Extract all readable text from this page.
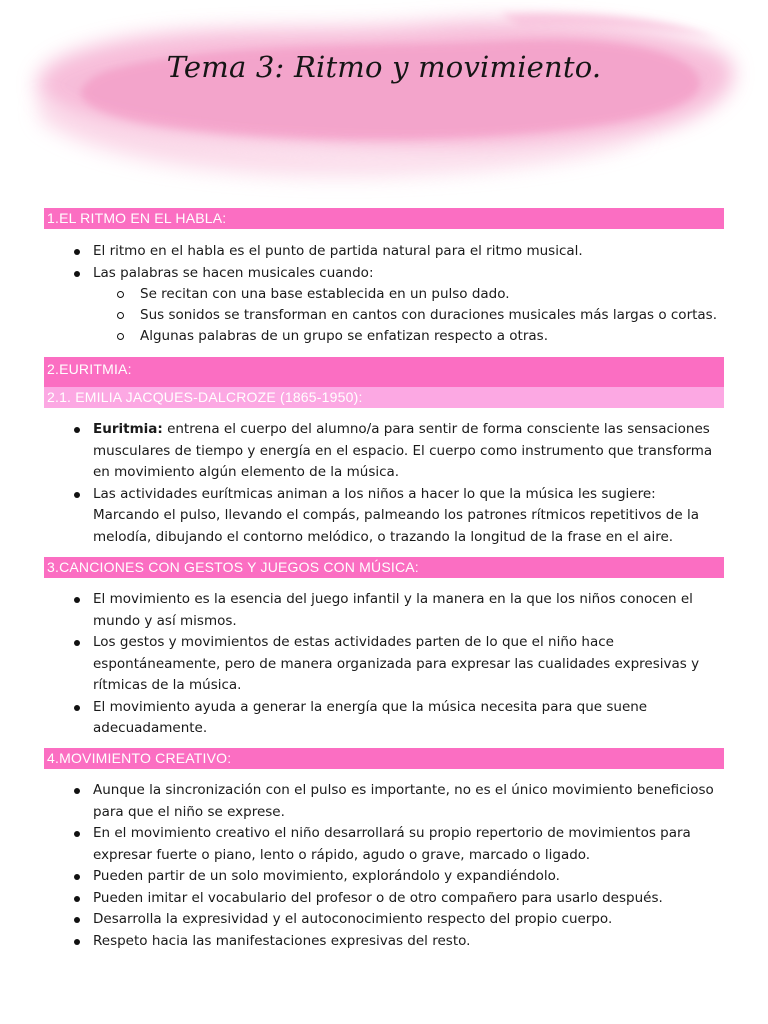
Tema 3: Ritmo y movimiento.
1.EL RITMO EN EL HABLA:
El ritmo en el habla es el punto de partida natural para el ritmo musical.
Las palabras se hacen musicales cuando:
Se recitan con una base establecida en un pulso dado.
Sus sonidos se transforman en cantos con duraciones musicales más largas o cortas.
Algunas palabras de un grupo se enfatizan respecto a otras.
2.EURITMIA:
2.1. EMILIA JACQUES-DALCROZE (1865-1950):
Euritmia: entrena el cuerpo del alumno/a para sentir de forma consciente las sensaciones musculares de tiempo y energía en el espacio. El cuerpo como instrumento que transforma en movimiento algún elemento de la música.
Las actividades eurítmicas animan a los niños a hacer lo que la música les sugiere: Marcando el pulso, llevando el compás, palmeando los patrones rítmicos repetitivos de la melodía, dibujando el contorno melódico, o trazando la longitud de la frase en el aire.
3.CANCIONES CON GESTOS Y JUEGOS CON MÚSICA:
El movimiento es la esencia del juego infantil y la manera en la que los niños conocen el mundo y así mismos.
Los gestos y movimientos de estas actividades parten de lo que el niño hace espontáneamente, pero de manera organizada para expresar las cualidades expresivas y rítmicas de la música.
El movimiento ayuda a generar la energía que la música necesita para que suene adecuadamente.
4.MOVIMIENTO CREATIVO:
Aunque la sincronización con el pulso es importante, no es el único movimiento beneficioso para que el niño se exprese.
En el movimiento creativo el niño desarrollará su propio repertorio de movimientos para expresar fuerte o piano, lento o rápido, agudo o grave, marcado o ligado.
Pueden partir de un solo movimiento, explorándolo y expandiéndolo.
Pueden imitar el vocabulario del profesor o de otro compañero para usarlo después.
Desarrolla la expresividad y el autoconocimiento respecto del propio cuerpo.
Respeto hacia las manifestaciones expresivas del resto.
